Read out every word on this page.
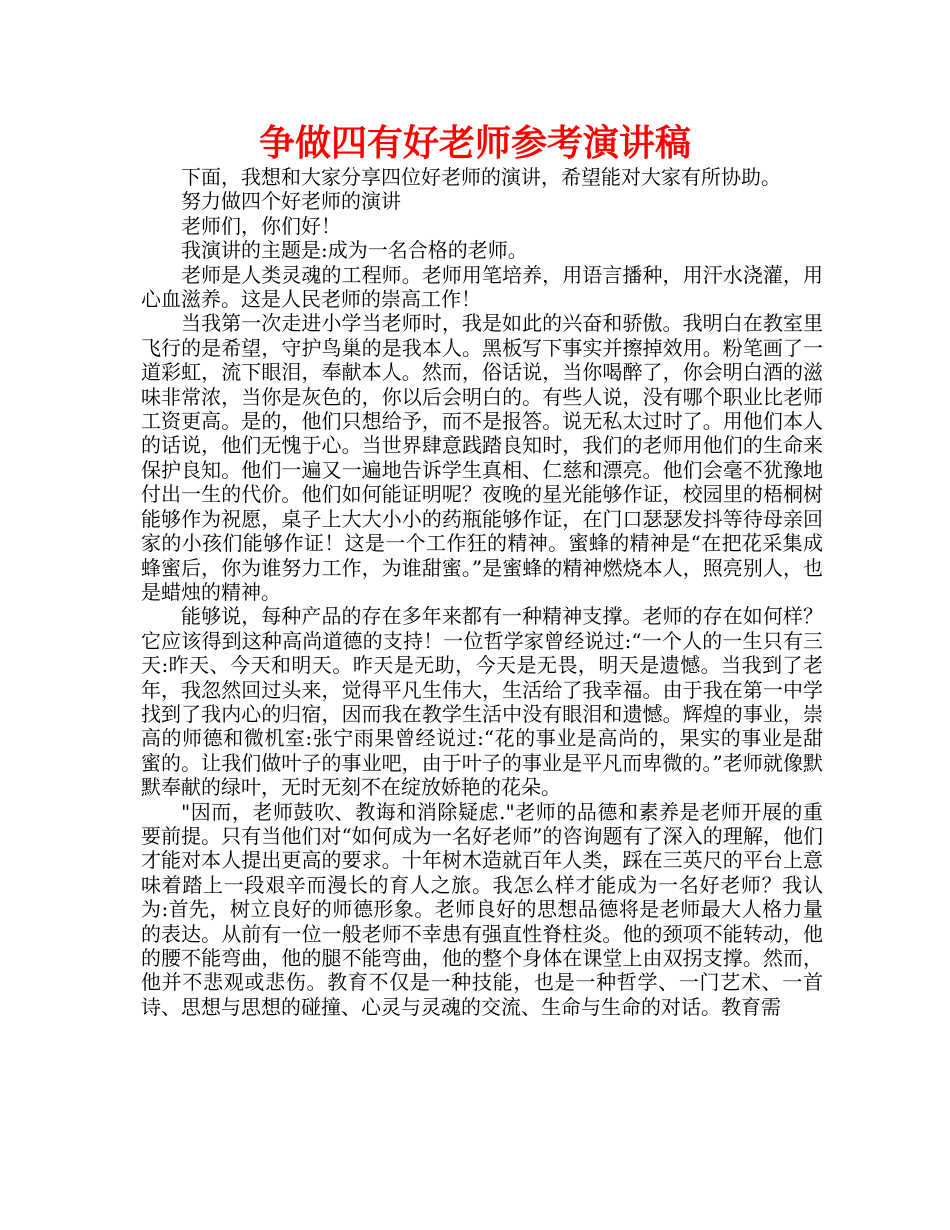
争做四有好老师参考演讲稿

下面，我想和大家分享四位好老师的演讲，希望能对大家有所协助。

努力做四个好老师的演讲

老师们，你们好！

我演讲的主题是:成为一名合格的老师。

老师是人类灵魂的工程师。老师用笔培养，用语言播种，用汗水浇灌，用心血滋养。这是人民老师的崇高工作！

当我第一次走进小学当老师时，我是如此的兴奋和骄傲。我明白在教室里飞行的是希望，守护鸟巢的是我本人。黑板写下事实并擦掉效用。粉笔画了一道彩虹，流下眼泪，奉献本人。然而，俗话说，当你喝醉了，你会明白酒的滋味非常浓，当你是灰色的，你以后会明白的。有些人说，没有哪个职业比老师工资更高。是的，他们只想给予，而不是报答。说无私太过时了。用他们本人的话说，他们无愧于心。当世界肆意践踏良知时，我们的老师用他们的生命来保护良知。他们一遍又一遍地告诉学生真相、仁慈和漂亮。他们会毫不犹豫地付出一生的代价。他们如何能证明呢？夜晚的星光能够作证，校园里的梧桐树能够作为祝愿，桌子上大大小小的药瓶能够作证，在门口瑟瑟发抖等待母亲回家的小孩们能够作证！这是一个工作狂的精神。蜜蜂的精神是“在把花采集成蜂蜜后，你为谁努力工作，为谁甜蜜。”是蜜蜂的精神燃烧本人，照亮别人，也是蜡烛的精神。

能够说，每种产品的存在多年来都有一种精神支撑。老师的存在如何样？它应该得到这种高尚道德的支持！一位哲学家曾经说过:“一个人的一生只有三天:昨天、今天和明天。昨天是无助，今天是无畏，明天是遗憾。当我到了老年，我忽然回过头来，觉得平凡生伟大，生活给了我幸福。由于我在第一中学找到了我内心的归宿，因而我在教学生活中没有眼泪和遗憾。辉煌的事业，崇高的师德和微机室:张宁雨果曾经说过:“花的事业是高尚的，果实的事业是甜蜜的。让我们做叶子的事业吧，由于叶子的事业是平凡而卑微的。”老师就像默默奉献的绿叶，无时无刻不在绽放娇艳的花朵。

"因而，老师鼓吹、教诲和消除疑虑."老师的品德和素养是老师开展的重要前提。只有当他们对“如何成为一名好老师”的咨询题有了深入的理解，他们才能对本人提出更高的要求。十年树木造就百年人类，踩在三英尺的平台上意味着踏上一段艰辛而漫长的育人之旅。我怎么样才能成为一名好老师？我认为:首先，树立良好的师德形象。老师良好的思想品德将是老师最大人格力量的表达。从前有一位一般老师不幸患有强直性脊柱炎。他的颈项不能转动，他的腰不能弯曲，他的腿不能弯曲，他的整个身体在课堂上由双拐支撑。然而，他并不悲观或悲伤。教育不仅是一种技能，也是一种哲学、一门艺术、一首诗、思想与思想的碰撞、心灵与灵魂的交流、生命与生命的对话。教育需
